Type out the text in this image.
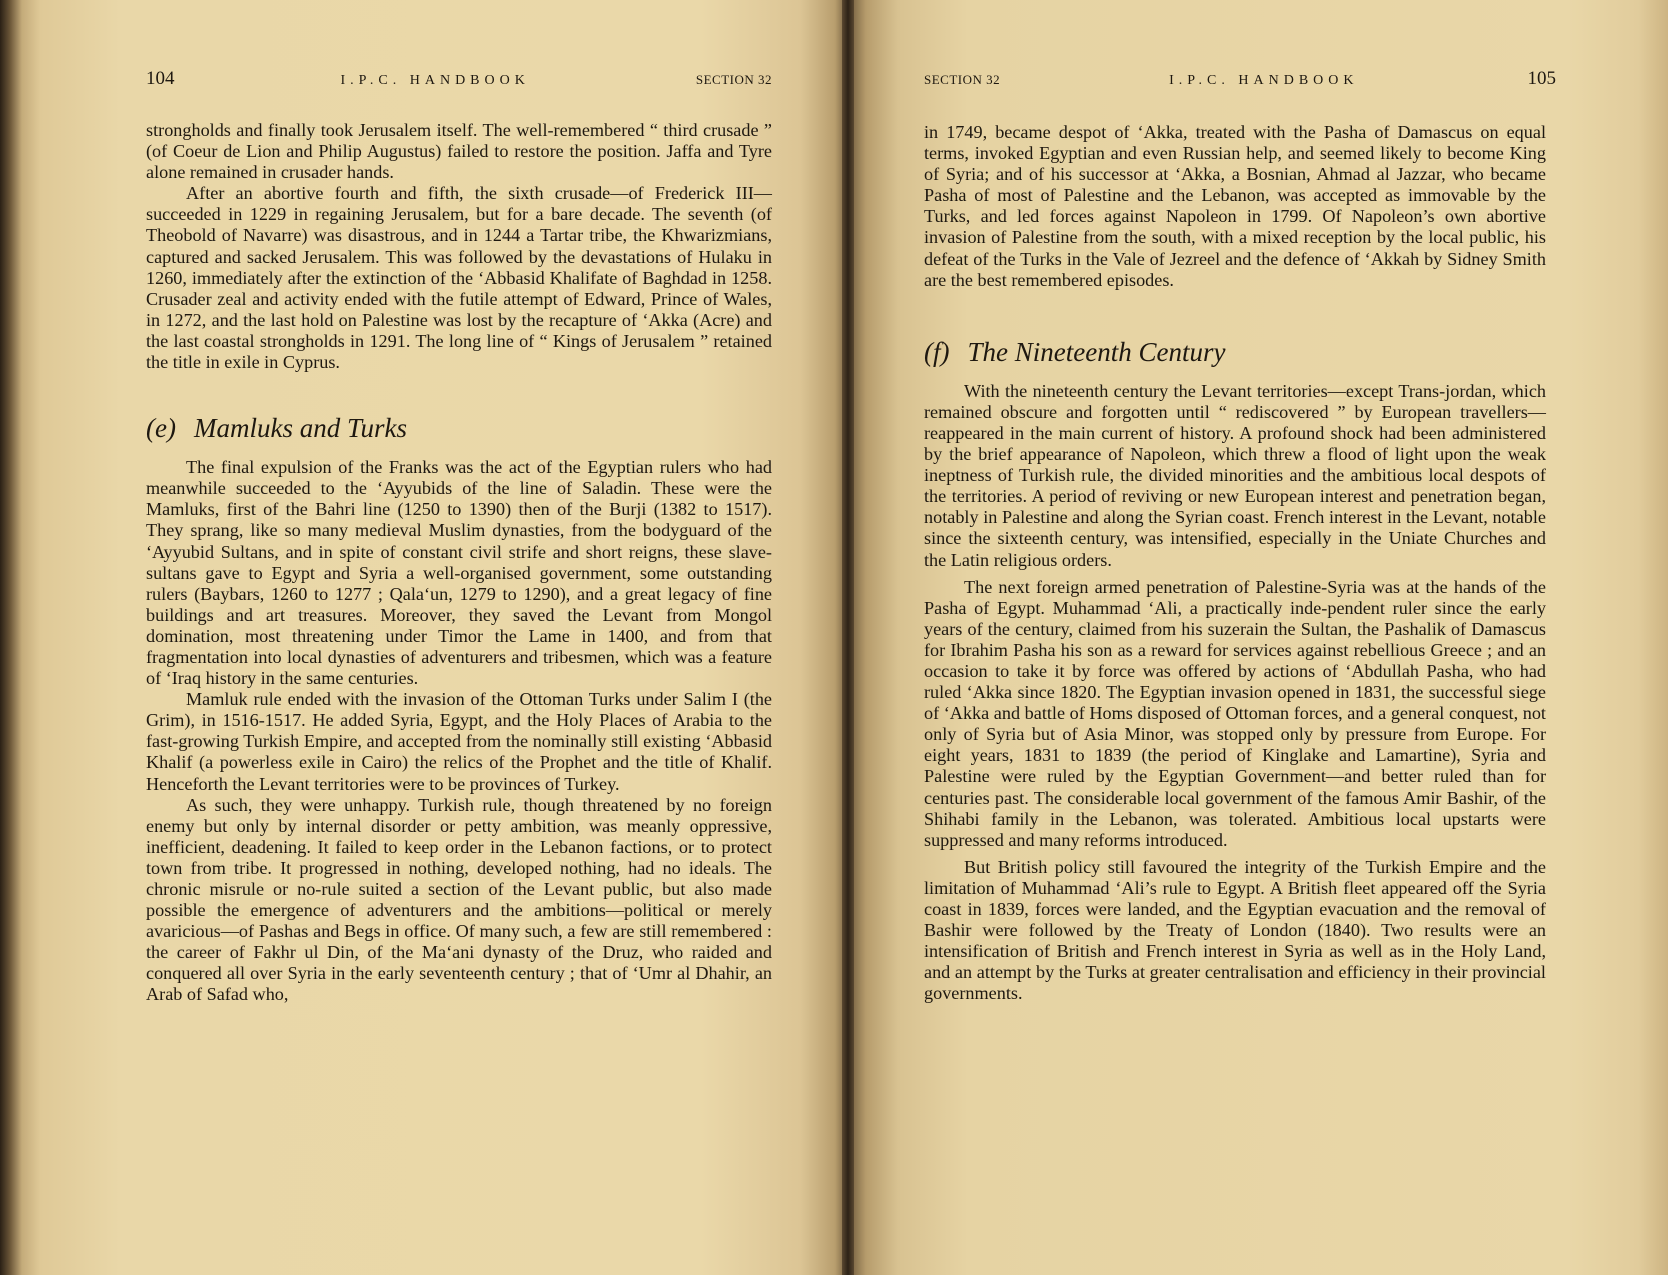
104	I.P.C. HANDBOOK	SECTION 32

strongholds and finally took Jerusalem itself. The well-remembered “ third crusade ” (of Coeur de Lion and Philip Augustus) failed to restore the position. Jaffa and Tyre alone remained in crusader hands.

After an abortive fourth and fifth, the sixth crusade—of Frederick III—succeeded in 1229 in regaining Jerusalem, but for a bare decade. The seventh (of Theobold of Navarre) was disastrous, and in 1244 a Tartar tribe, the Khwarizmians, captured and sacked Jerusalem. This was followed by the devastations of Hulaku in 1260, immediately after the extinction of the ‘Abbasid Khalifate of Baghdad in 1258. Crusader zeal and activity ended with the futile attempt of Edward, Prince of Wales, in 1272, and the last hold on Palestine was lost by the recapture of ‘Akka (Acre) and the last coastal strongholds in 1291. The long line of “ Kings of Jerusalem ” retained the title in exile in Cyprus.

(e) Mamluks and Turks

The final expulsion of the Franks was the act of the Egyptian rulers who had meanwhile succeeded to the ‘Ayyubids of the line of Saladin. These were the Mamluks, first of the Bahri line (1250 to 1390) then of the Burji (1382 to 1517). They sprang, like so many medieval Muslim dynasties, from the bodyguard of the ‘Ayyubid Sultans, and in spite of constant civil strife and short reigns, these slave-sultans gave to Egypt and Syria a well-organised government, some outstanding rulers (Baybars, 1260 to 1277 ; Qala‘un, 1279 to 1290), and a great legacy of fine buildings and art treasures. Moreover, they saved the Levant from Mongol domination, most threatening under Timor the Lame in 1400, and from that fragmentation into local dynasties of adventurers and tribesmen, which was a feature of ‘Iraq history in the same centuries.

Mamluk rule ended with the invasion of the Ottoman Turks under Salim I (the Grim), in 1516-1517. He added Syria, Egypt, and the Holy Places of Arabia to the fast-growing Turkish Empire, and accepted from the nominally still existing ‘Abbasid Khalif (a powerless exile in Cairo) the relics of the Prophet and the title of Khalif. Henceforth the Levant territories were to be provinces of Turkey.

As such, they were unhappy. Turkish rule, though threatened by no foreign enemy but only by internal disorder or petty ambition, was meanly oppressive, inefficient, deadening. It failed to keep order in the Lebanon factions, or to protect town from tribe. It progressed in nothing, developed nothing, had no ideals. The chronic misrule or no-rule suited a section of the Levant public, but also made possible the emergence of adventurers and the ambitions—political or merely avaricious—of Pashas and Begs in office. Of many such, a few are still remembered : the career of Fakhr ul Din, of the Ma‘ani dynasty of the Druz, who raided and conquered all over Syria in the early seventeenth century ; that of ‘Umr al Dhahir, an Arab of Safad who,

SECTION 32	I.P.C. HANDBOOK	105

in 1749, became despot of ‘Akka, treated with the Pasha of Damascus on equal terms, invoked Egyptian and even Russian help, and seemed likely to become King of Syria; and of his successor at ‘Akka, a Bosnian, Ahmad al Jazzar, who became Pasha of most of Palestine and the Lebanon, was accepted as immovable by the Turks, and led forces against Napoleon in 1799. Of Napoleon’s own abortive invasion of Palestine from the south, with a mixed reception by the local public, his defeat of the Turks in the Vale of Jezreel and the defence of ‘Akkah by Sidney Smith are the best remembered episodes.

(f) The Nineteenth Century

With the nineteenth century the Levant territories—except Trans-jordan, which remained obscure and forgotten until “ rediscovered ” by European travellers—reappeared in the main current of history. A profound shock had been administered by the brief appearance of Napoleon, which threw a flood of light upon the weak ineptness of Turkish rule, the divided minorities and the ambitious local despots of the territories. A period of reviving or new European interest and penetration began, notably in Palestine and along the Syrian coast. French interest in the Levant, notable since the sixteenth century, was intensified, especially in the Uniate Churches and the Latin religious orders.

The next foreign armed penetration of Palestine-Syria was at the hands of the Pasha of Egypt. Muhammad ‘Ali, a practically inde-pendent ruler since the early years of the century, claimed from his suzerain the Sultan, the Pashalik of Damascus for Ibrahim Pasha his son as a reward for services against rebellious Greece ; and an occasion to take it by force was offered by actions of ‘Abdullah Pasha, who had ruled ‘Akka since 1820. The Egyptian invasion opened in 1831, the successful siege of ‘Akka and battle of Homs disposed of Ottoman forces, and a general conquest, not only of Syria but of Asia Minor, was stopped only by pressure from Europe. For eight years, 1831 to 1839 (the period of Kinglake and Lamartine), Syria and Palestine were ruled by the Egyptian Government—and better ruled than for centuries past. The considerable local government of the famous Amir Bashir, of the Shihabi family in the Lebanon, was tolerated. Ambitious local upstarts were suppressed and many reforms introduced.

But British policy still favoured the integrity of the Turkish Empire and the limitation of Muhammad ‘Ali’s rule to Egypt. A British fleet appeared off the Syria coast in 1839, forces were landed, and the Egyptian evacuation and the removal of Bashir were followed by the Treaty of London (1840). Two results were an intensification of British and French interest in Syria as well as in the Holy Land, and an attempt by the Turks at greater centralisation and efficiency in their provincial governments.
